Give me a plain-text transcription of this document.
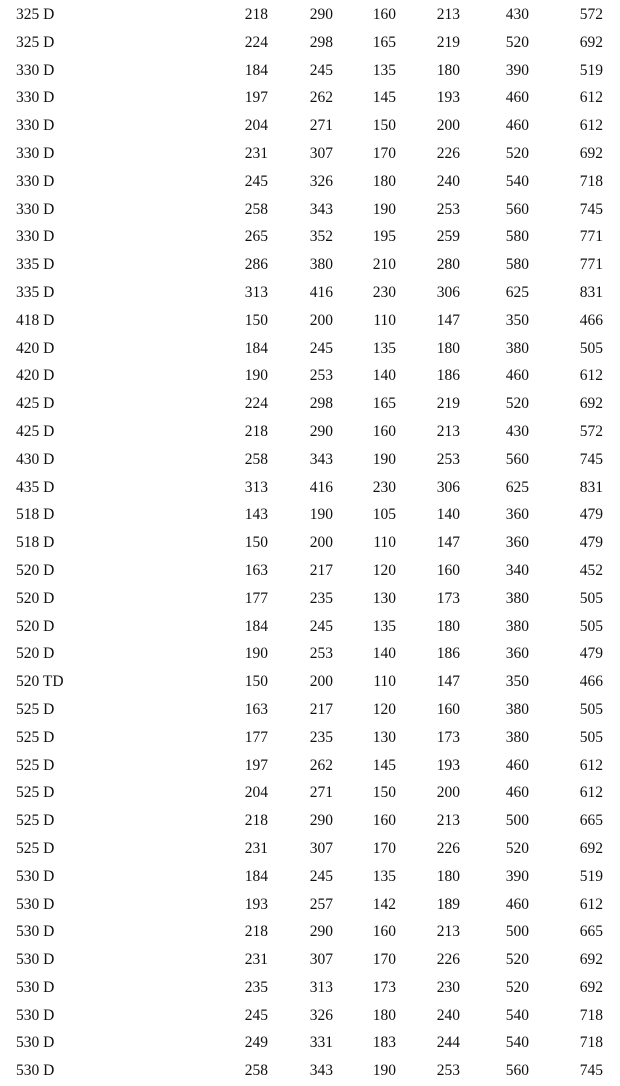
325 D	218	290	160	213	430	572
325 D	224	298	165	219	520	692
330 D	184	245	135	180	390	519
330 D	197	262	145	193	460	612
330 D	204	271	150	200	460	612
330 D	231	307	170	226	520	692
330 D	245	326	180	240	540	718
330 D	258	343	190	253	560	745
330 D	265	352	195	259	580	771
335 D	286	380	210	280	580	771
335 D	313	416	230	306	625	831
418 D	150	200	110	147	350	466
420 D	184	245	135	180	380	505
420 D	190	253	140	186	460	612
425 D	224	298	165	219	520	692
425 D	218	290	160	213	430	572
430 D	258	343	190	253	560	745
435 D	313	416	230	306	625	831
518 D	143	190	105	140	360	479
518 D	150	200	110	147	360	479
520 D	163	217	120	160	340	452
520 D	177	235	130	173	380	505
520 D	184	245	135	180	380	505
520 D	190	253	140	186	360	479
520 TD	150	200	110	147	350	466
525 D	163	217	120	160	380	505
525 D	177	235	130	173	380	505
525 D	197	262	145	193	460	612
525 D	204	271	150	200	460	612
525 D	218	290	160	213	500	665
525 D	231	307	170	226	520	692
530 D	184	245	135	180	390	519
530 D	193	257	142	189	460	612
530 D	218	290	160	213	500	665
530 D	231	307	170	226	520	692
530 D	235	313	173	230	520	692
530 D	245	326	180	240	540	718
530 D	249	331	183	244	540	718
530 D	258	343	190	253	560	745
